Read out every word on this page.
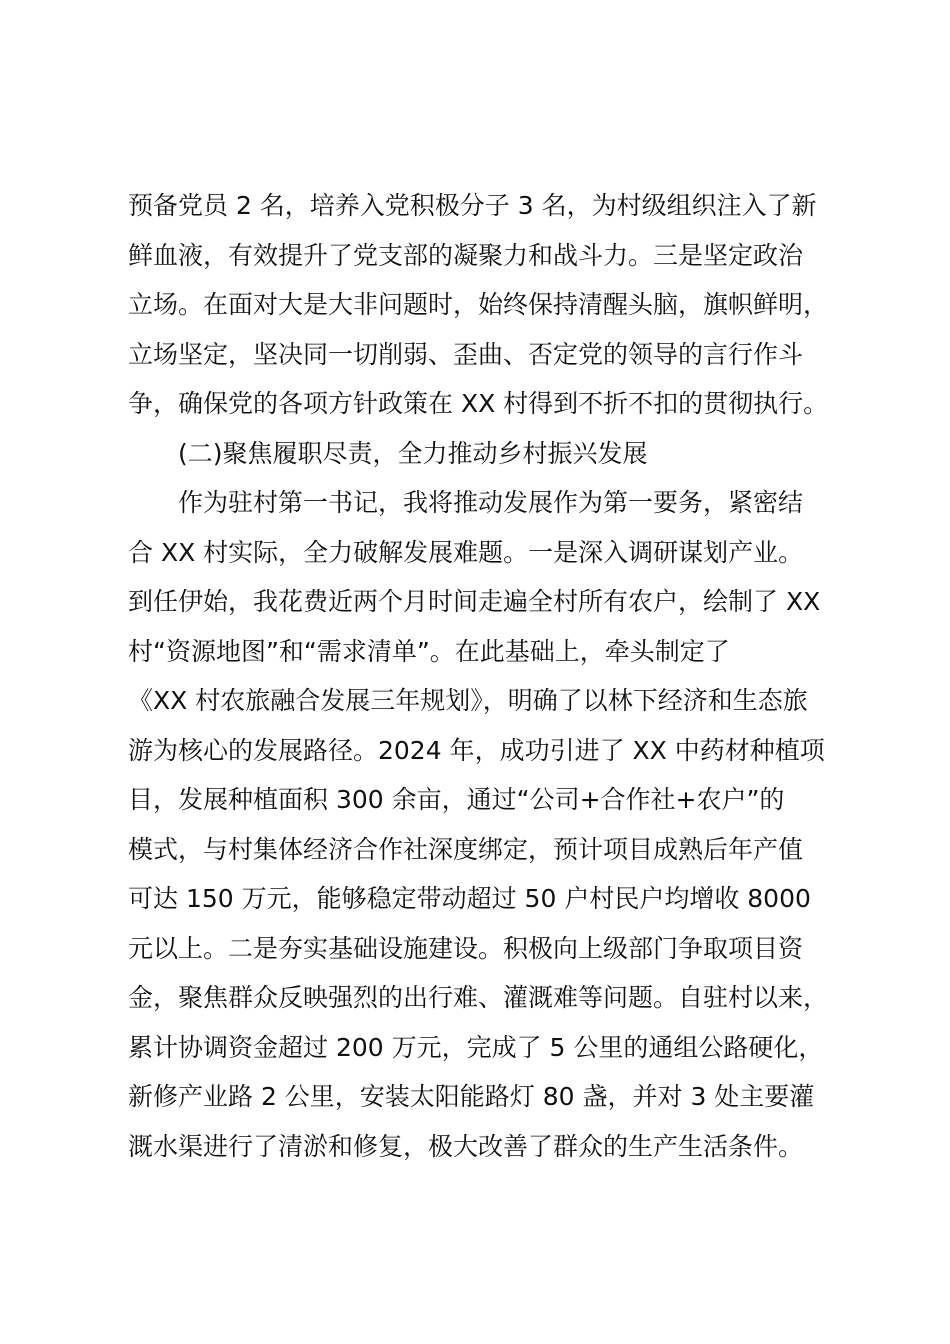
预备党员 2 名，培养入党积极分子 3 名，为村级组织注入了新
鲜血液，有效提升了党支部的凝聚力和战斗力。三是坚定政治
立场。在面对大是大非问题时，始终保持清醒头脑，旗帜鲜明，
立场坚定，坚决同一切削弱、歪曲、否定党的领导的言行作斗
争，确保党的各项方针政策在 XX 村得到不折不扣的贯彻执行。
(二)聚焦履职尽责，全力推动乡村振兴发展
作为驻村第一书记，我将推动发展作为第一要务，紧密结
合 XX 村实际，全力破解发展难题。一是深入调研谋划产业。
到任伊始，我花费近两个月时间走遍全村所有农户，绘制了 XX
村“资源地图”和“需求清单”。在此基础上，牵头制定了
《XX 村农旅融合发展三年规划》，明确了以林下经济和生态旅
游为核心的发展路径。2024 年，成功引进了 XX 中药材种植项
目，发展种植面积 300 余亩，通过“公司+合作社+农户”的
模式，与村集体经济合作社深度绑定，预计项目成熟后年产值
可达 150 万元，能够稳定带动超过 50 户村民户均增收 8000
元以上。二是夯实基础设施建设。积极向上级部门争取项目资
金，聚焦群众反映强烈的出行难、灌溉难等问题。自驻村以来，
累计协调资金超过 200 万元，完成了 5 公里的通组公路硬化，
新修产业路 2 公里，安装太阳能路灯 80 盏，并对 3 处主要灌
溉水渠进行了清淤和修复，极大改善了群众的生产生活条件。
